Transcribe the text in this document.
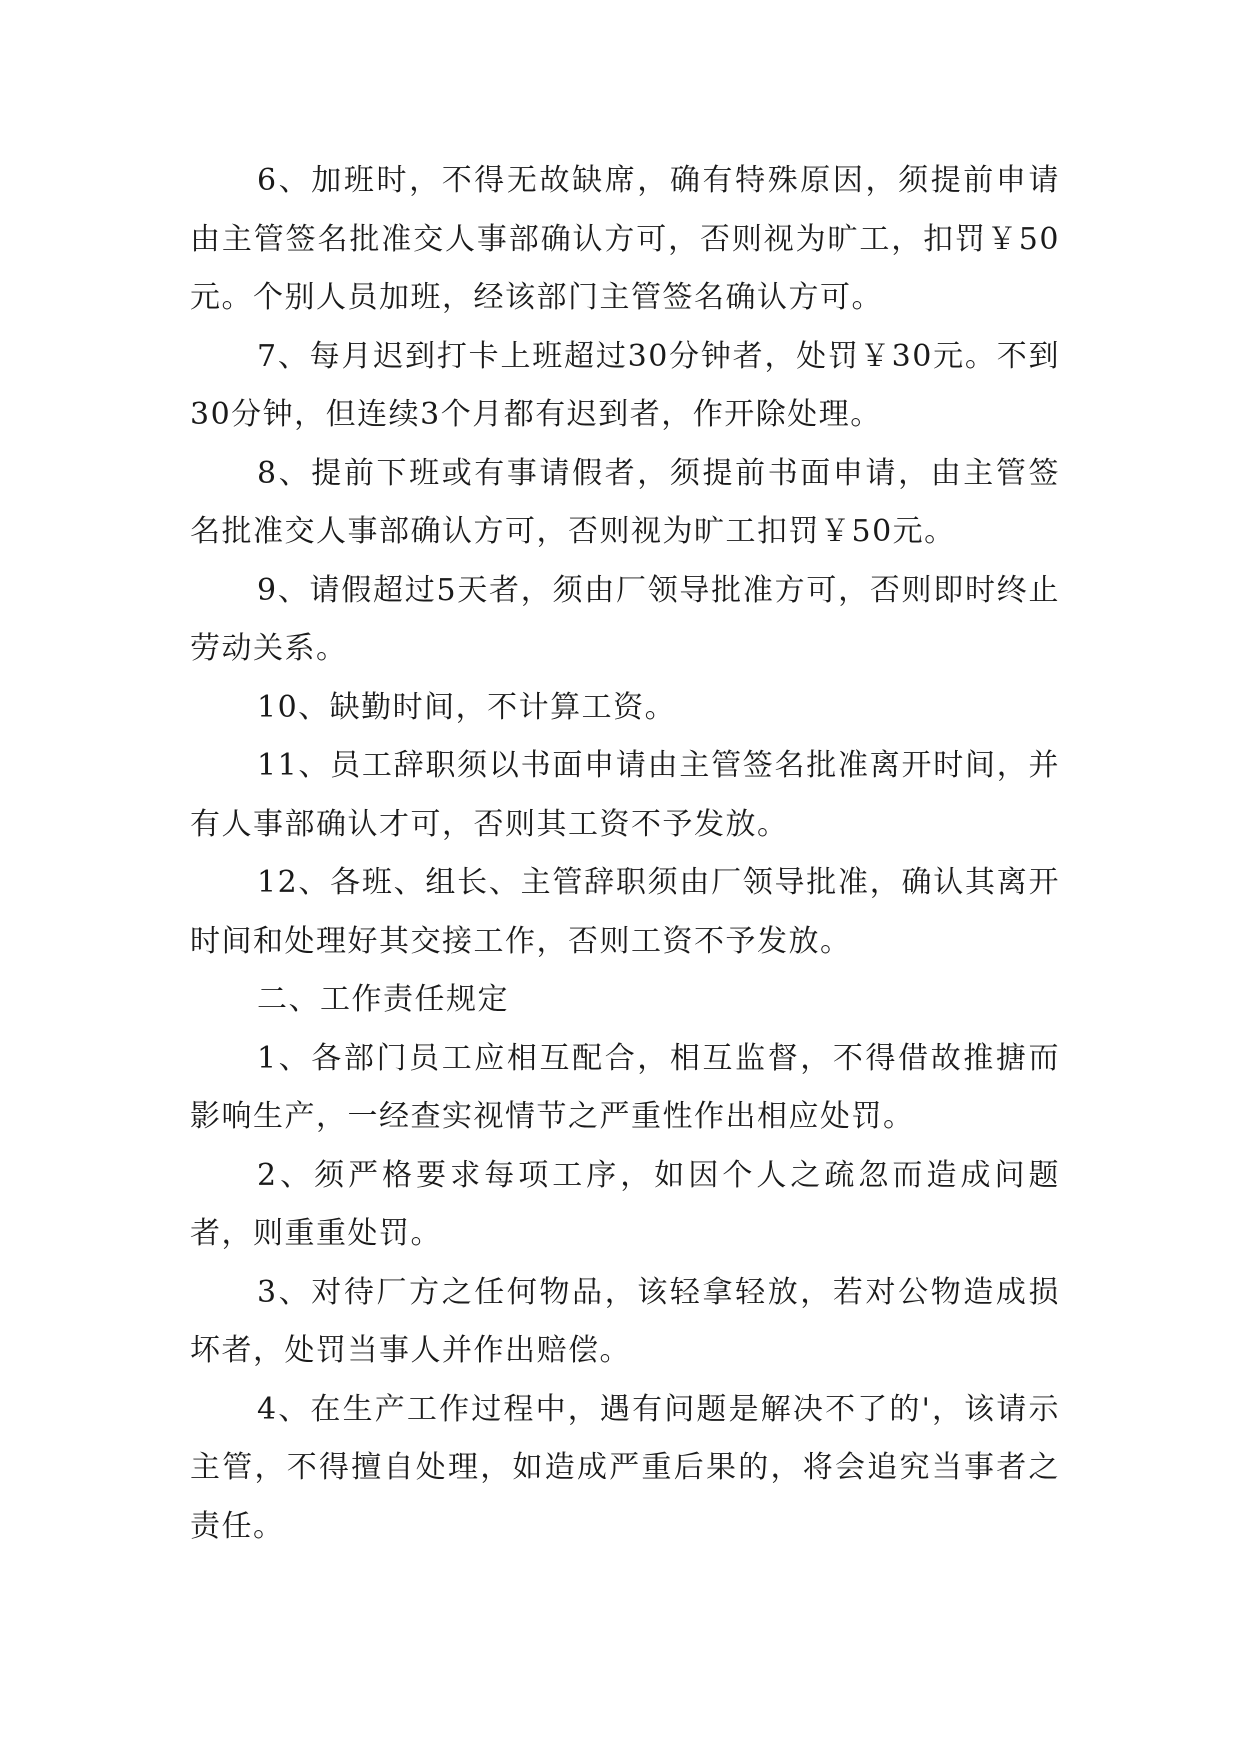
6、加班时，不得无故缺席，确有特殊原因，须提前申请由主管签名批准交人事部确认方可，否则视为旷工，扣罚￥50元。个别人员加班，经该部门主管签名确认方可。

7、每月迟到打卡上班超过30分钟者，处罚￥30元。不到30分钟，但连续3个月都有迟到者，作开除处理。

8、提前下班或有事请假者，须提前书面申请，由主管签名批准交人事部确认方可，否则视为旷工扣罚￥50元。

9、请假超过5天者，须由厂领导批准方可，否则即时终止劳动关系。

10、缺勤时间，不计算工资。

11、员工辞职须以书面申请由主管签名批准离开时间，并有人事部确认才可，否则其工资不予发放。

12、各班、组长、主管辞职须由厂领导批准，确认其离开时间和处理好其交接工作，否则工资不予发放。

二、工作责任规定

1、各部门员工应相互配合，相互监督，不得借故推搪而影响生产，一经查实视情节之严重性作出相应处罚。

2、须严格要求每项工序，如因个人之疏忽而造成问题者，则重重处罚。

3、对待厂方之任何物品，该轻拿轻放，若对公物造成损坏者，处罚当事人并作出赔偿。

4、在生产工作过程中，遇有问题是解决不了的'，该请示主管，不得擅自处理，如造成严重后果的，将会追究当事者之责任。
